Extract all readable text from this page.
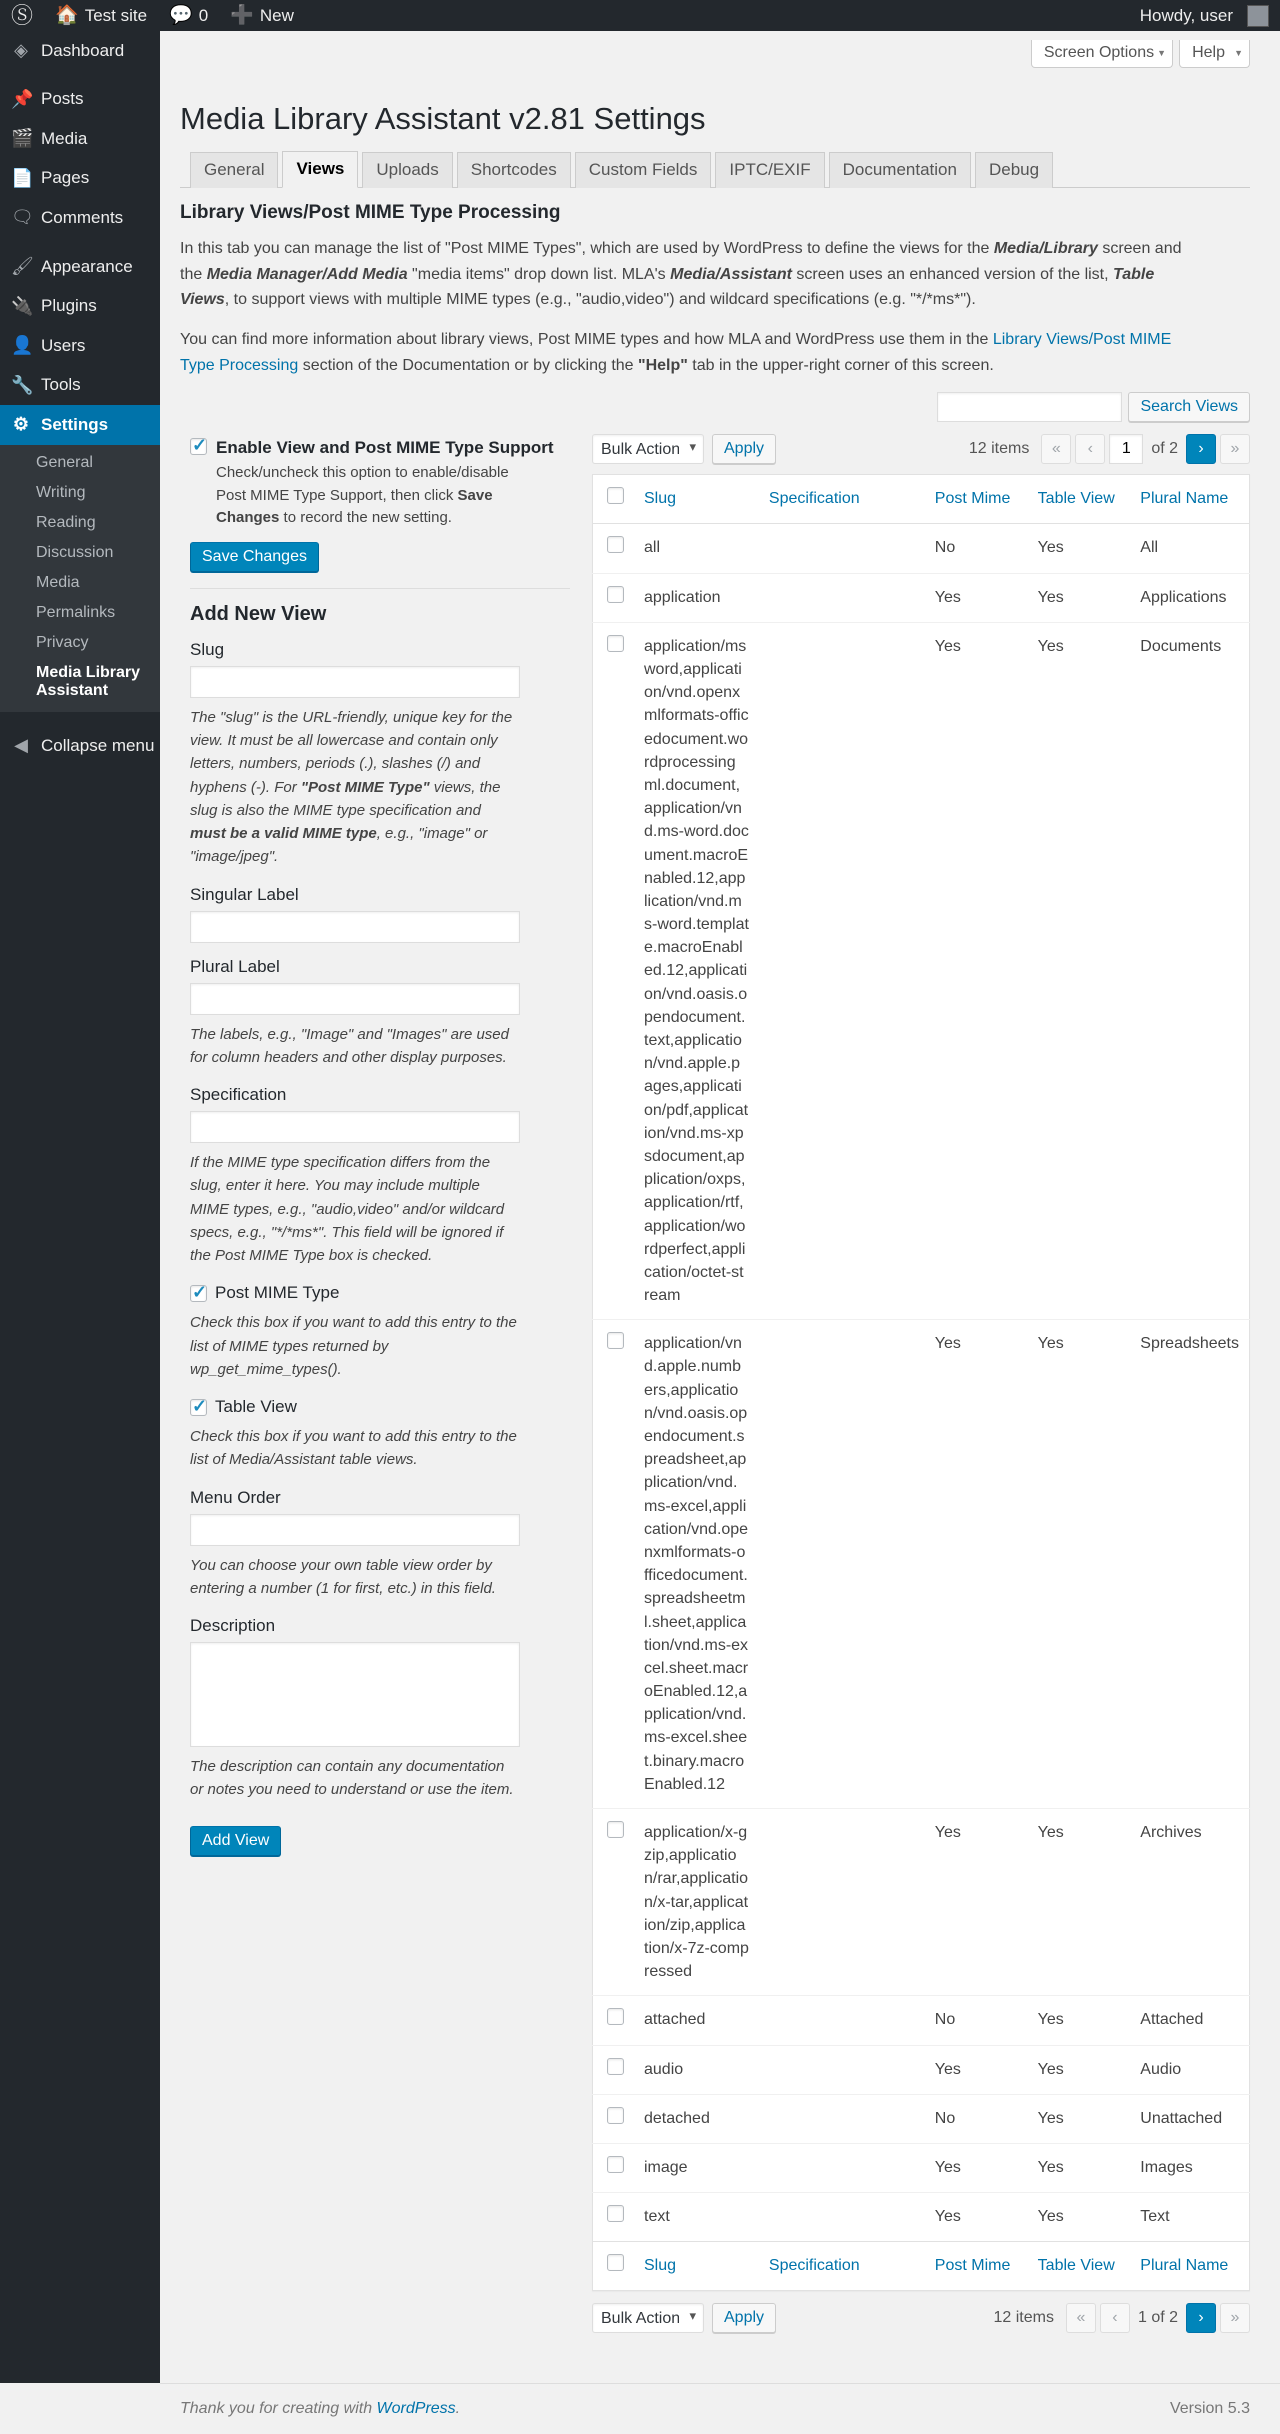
Ⓢ 🏠 Test site 💬 0 ➕ New	Howdy, user
◈ Dashboard
📌 Posts
🎬 Media
📄 Pages
🗨 Comments
🖌 Appearance
🔌 Plugins
👤 Users
🔧 Tools
⚙ Settings
General
Writing
Reading
Discussion
Media
Permalinks
Privacy
Media Library Assistant
◀ Collapse menu
Screen Options ▼	Help ▼
Media Library Assistant v2.81 Settings
General	Views	Uploads	Shortcodes	Custom Fields	IPTC/EXIF	Documentation	Debug
Library Views/Post MIME Type Processing

In this tab you can manage the list of "Post MIME Types", which are used by WordPress to define the views for the Media/Library screen and the Media Manager/Add Media "media items" drop down list. MLA's Media/Assistant screen uses an enhanced version of the list, Table Views, to support views with multiple MIME types (e.g., "audio,video") and wildcard specifications (e.g. "*/*ms*").

You can find more information about library views, Post MIME types and how MLA and WordPress use them in the Library Views/Post MIME Type Processing section of the Documentation or by clicking the "Help" tab in the upper-right corner of this screen.

Search Views
Enable View and Post MIME Type Support
Check/uncheck this option to enable/disable Post MIME Type Support, then click Save Changes to record the new setting.
Save Changes
Add New View
Slug
The "slug" is the URL-friendly, unique key for the view. It must be all lowercase and contain only letters, numbers, periods (.), slashes (/) and hyphens (-). For "Post MIME Type" views, the slug is also the MIME type specification and must be a valid MIME type, e.g., "image" or "image/jpeg".
Singular Label
Plural Label
The labels, e.g., "Image" and "Images" are used for column headers and other display purposes.
Specification
If the MIME type specification differs from the slug, enter it here. You may include multiple MIME types, e.g., "audio,video" and/or wildcard specs, e.g., "*/*ms*". This field will be ignored if the Post MIME Type box is checked.
Post MIME Type
Check this box if you want to add this entry to the list of MIME types returned by wp_get_mime_types().
Table View
Check this box if you want to add this entry to the list of Media/Assistant table views.
Menu Order
You can choose your own table view order by entering a number (1 for first, etc.) in this field.
Description
The description can contain any documentation or notes you need to understand or use the item.
Add View
Bulk Actions ▾
Apply	12 items	«	‹
1	of 2	›	»
	Slug	Specification	Post Mime	Table View	Plural Name
	all		No	Yes	All
	application		Yes	Yes	Applications
	application/msword,application/vnd.openxmlformats-officedocument.wordprocessingml.document,application/vnd.ms-word.document.macroEnabled.12,application/vnd.ms-word.template.macroEnabled.12,application/vnd.oasis.opendocument.text,application/vnd.apple.pages,application/pdf,application/vnd.ms-xpsdocument,application/oxps,application/rtf,application/wordperfect,application/octet-stream		Yes	Yes	Documents
	application/vnd.apple.numbers,application/vnd.oasis.opendocument.spreadsheet,application/vnd.ms-excel,application/vnd.openxmlformats-officedocument.spreadsheetml.sheet,application/vnd.ms-excel.sheet.macroEnabled.12,application/vnd.ms-excel.sheet.binary.macroEnabled.12		Yes	Yes	Spreadsheets
	application/x-gzip,application/rar,application/x-tar,application/zip,application/x-7z-compressed		Yes	Yes	Archives
	attached		No	Yes	Attached
	audio		Yes	Yes	Audio
	detached		No	Yes	Unattached
	image		Yes	Yes	Images
	text		Yes	Yes	Text
	Slug	Specification	Post Mime	Table View	Plural Name
Bulk Actions ▾
Apply	12 items	«	‹	1 of 2	›	»
Thank you for creating with WordPress.	Version 5.3
